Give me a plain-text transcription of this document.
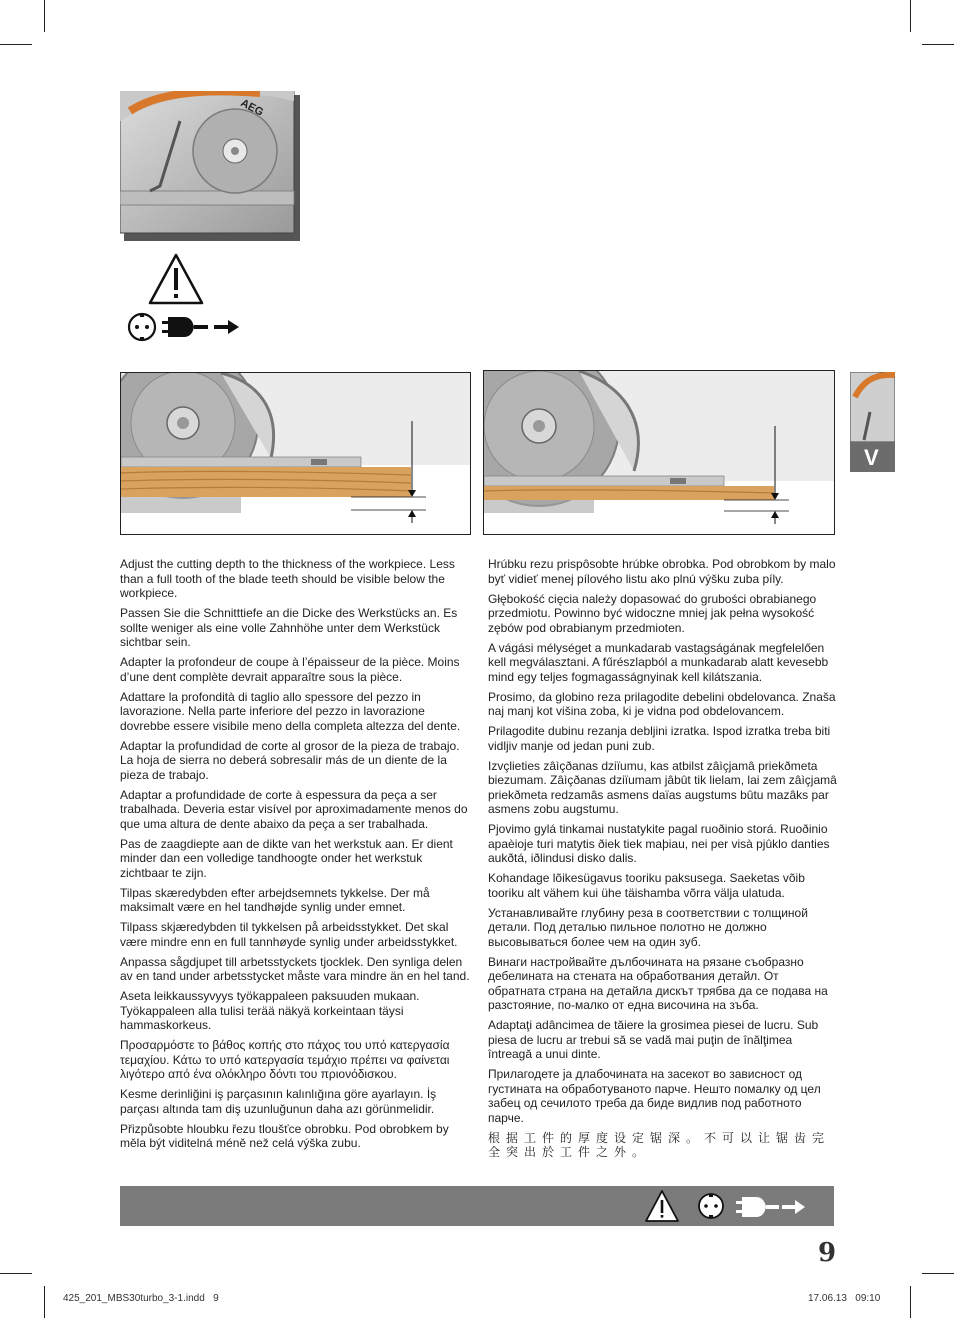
AEG
V

Adjust the cutting depth to the thickness of the workpiece. Less than a full tooth of the blade teeth should be visible below the workpiece.

Passen Sie die Schnitttiefe an die Dicke des Werkstücks an. Es sollte weniger als eine volle Zahnhöhe unter dem Werkstück sichtbar sein.

Adapter la profondeur de coupe à l’épaisseur de la pièce. Moins d’une dent complète devrait apparaître sous la pièce.

Adattare la profondità di taglio allo spessore del pezzo in lavorazione. Nella parte inferiore del pezzo in lavorazione dovrebbe essere visibile meno della completa altezza del dente.

Adaptar la profundidad de corte al grosor de la pieza de trabajo. La hoja de sierra no deberá sobresalir más de un diente de la pieza de trabajo.

Adaptar a profundidade de corte à espessura da peça a ser trabalhada. Deveria estar visível por aproximadamente menos do que uma altura de dente abaixo da peça a ser trabalhada.

Pas de zaagdiepte aan de dikte van het werkstuk aan. Er dient minder dan een volledige tandhoogte onder het werkstuk zichtbaar te zijn.

Tilpas skæredybden efter arbejdsemnets tykkelse. Der må maksimalt være en hel tandhøjde synlig under emnet.

Tilpass skjæredybden til tykkelsen på arbeidsstykket. Det skal være mindre enn en full tannhøyde synlig under arbeidsstykket.

Anpassa sågdjupet till arbetsstyckets tjocklek. Den synliga delen av en tand under arbetsstycket måste vara mindre än en hel tand.

Aseta leikkaussyvyys työkappaleen paksuuden mukaan. Työkappaleen alla tulisi terää näkyä korkeintaan täysi hammaskorkeus.

Προσαρμόστε το βάθος κοπής στο πάχος του υπό κατεργασία τεμαχίου. Κάτω το υπό κατεργασία τεμάχιο πρέπει να φαίνεται λιγότερο από ένα ολόκληρο δόντι του πριονόδισκου.

Kesme derinliğini iş parçasının kalınlığına göre ayarlayın. İş parçası altında tam diş uzunluğunun daha azı görünmelidir.

Přizpůsobte hloubku řezu tloušťce obrobku. Pod obrobkem by měla být viditelná méně než celá výška zubu.

Hrúbku rezu prispôsobte hrúbke obrobka. Pod obrobkom by malo byť vidieť menej pílového listu ako plnú výšku zuba píly.

Głębokość cięcia należy dopasować do grubości obrabianego przedmiotu. Powinno być widoczne mniej jak pełna wysokość zębów pod obrabianym przedmioten.

A vágási mélységet a munkadarab vastagságának megfelelően kell megválasztani. A fűrészlapból a munkadarab alatt kevesebb mind egy teljes fogmagasságnyinak kell kilátszania.

Prosimo, da globino reza prilagodite debelini obdelovanca. Znaša naj manj kot višina zoba, ki je vidna pod obdelovancem.

Prilagodite dubinu rezanja debljini izratka. Ispod izratka treba biti vidljiv manje od jedan puni zub.

Izvçlieties zâìçðanas dziïumu, kas atbilst zâìçjamâ priekðmeta biezumam. Zâìçðanas dziïumam jâbût tik lielam, lai zem zâìçjamâ priekðmeta redzamâs asmens daïas augstums bûtu mazâks par asmens zobu augstumu.

Pjovimo gylá tinkamai nustatykite pagal ruoðinio storá. Ruoðinio apaèioje turi matytis ðiek tiek maþiau, nei per visà pjûklo danties aukðtá, iðlindusi disko dalis.

Kohandage lõikesügavus tooriku paksusega. Saeketas võib tooriku alt vähem kui ühe täishamba võrra välja ulatuda.

Устанавливайте глубину реза в соответствии с толщиной детали. Под деталью пильное полотно не должно высовываться более чем на один зуб.

Винаги настройвайте дълбочината на рязане съобразно дебелината на стената на обработвания детайл. От обратната страна на детайла дискът трябва да се подава на разстояние, по-малко от една височина на зъба.

Adaptaţi adâncimea de tăiere la grosimea piesei de lucru. Sub piesa de lucru ar trebui să se vadă mai puţin de înălţimea întreagă a unui dinte.

Прилагодете ја длабочината на засекот во зависност од густината на обработуваното парче. Нешто помалку од цел забец од сечилото треба да биде видлив под работното парче.

根据工件的厚度设定锯深。不可以让锯齿完全突出於工件之外。

9
425_201_MBS30turbo_3-1.indd   9	17.06.13   09:10
